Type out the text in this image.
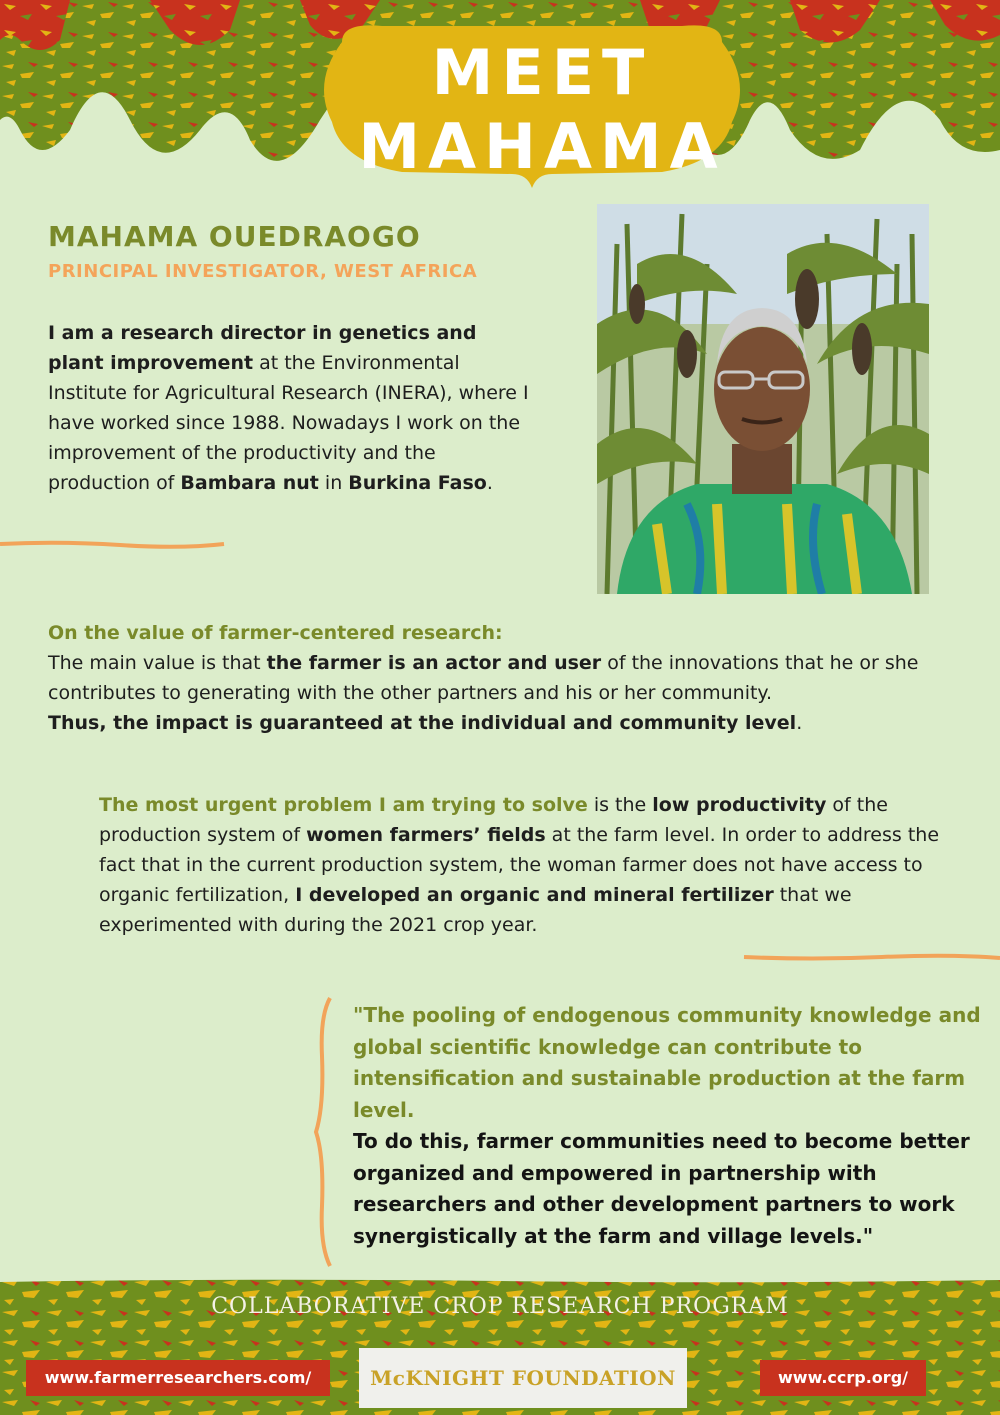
MEET
MAHAMA
MAHAMA OUEDRAOGO
PRINCIPAL INVESTIGATOR, WEST AFRICA
I am a research director in genetics and plant improvement at the Environmental Institute for Agricultural Research (INERA), where I have worked since 1988. Nowadays I work on the improvement of the productivity and the production of Bambara nut in Burkina Faso.
On the value of farmer-centered research:
The main value is that the farmer is an actor and user of the innovations that he or she contributes to generating with the other partners and his or her community.
Thus, the impact is guaranteed at the individual and community level.
The most urgent problem I am trying to solve is the low productivity of the production system of women farmers’ fields at the farm level. In order to address the fact that in the current production system, the woman farmer does not have access to organic fertilization, I developed an organic and mineral fertilizer that we experimented with during the 2021 crop year.
"The pooling of endogenous community knowledge and global scientific knowledge can contribute to intensification and sustainable production at the farm level.
To do this, farmer communities need to become better organized and empowered in partnership with researchers and other development partners to work synergistically at the farm and village levels."
COLLABORATIVE CROP RESEARCH PROGRAM
www.farmerresearchers.com/	McKNIGHT FOUNDATION	www.ccrp.org/
